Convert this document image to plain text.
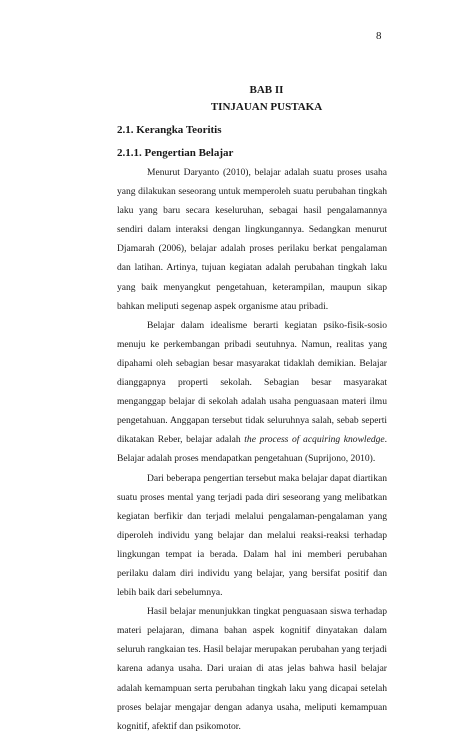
8
BAB II
TINJAUAN PUSTAKA
2.1. Kerangka Teoritis
2.1.1. Pengertian Belajar

Menurut Daryanto (2010), belajar adalah suatu proses usaha yang dilakukan seseorang untuk memperoleh suatu perubahan tingkah laku yang baru secara keseluruhan, sebagai hasil pengalamannya sendiri dalam interaksi dengan lingkungannya. Sedangkan menurut Djamarah (2006), belajar adalah proses perilaku berkat pengalaman dan latihan. Artinya, tujuan kegiatan adalah perubahan tingkah laku yang baik menyangkut pengetahuan, keterampilan, maupun sikap bahkan meliputi segenap aspek organisme atau pribadi.

Belajar dalam idealisme berarti kegiatan psiko-fisik-sosio menuju ke perkembangan pribadi seutuhnya. Namun, realitas yang dipahami oleh sebagian besar masyarakat tidaklah demikian. Belajar dianggapnya properti sekolah. Sebagian besar masyarakat menganggap belajar di sekolah adalah usaha penguasaan materi ilmu pengetahuan. Anggapan tersebut tidak seluruhnya salah, sebab seperti dikatakan Reber, belajar adalah the process of acquiring knowledge. Belajar adalah proses mendapatkan pengetahuan (Suprijono, 2010).

Dari beberapa pengertian tersebut maka belajar dapat diartikan suatu proses mental yang terjadi pada diri seseorang yang melibatkan kegiatan berfikir dan terjadi melalui pengalaman-pengalaman yang diperoleh individu yang belajar dan melalui reaksi-reaksi terhadap lingkungan tempat ia berada. Dalam hal ini memberi perubahan perilaku dalam diri individu yang belajar, yang bersifat positif dan lebih baik dari sebelumnya.

Hasil belajar menunjukkan tingkat penguasaan siswa terhadap materi pelajaran, dimana bahan aspek kognitif dinyatakan dalam seluruh rangkaian tes. Hasil belajar merupakan perubahan yang terjadi karena adanya usaha. Dari uraian di atas jelas bahwa hasil belajar adalah kemampuan serta perubahan tingkah laku yang dicapai setelah proses belajar mengajar dengan adanya usaha, meliputi kemampuan kognitif, afektif dan psikomotor.
